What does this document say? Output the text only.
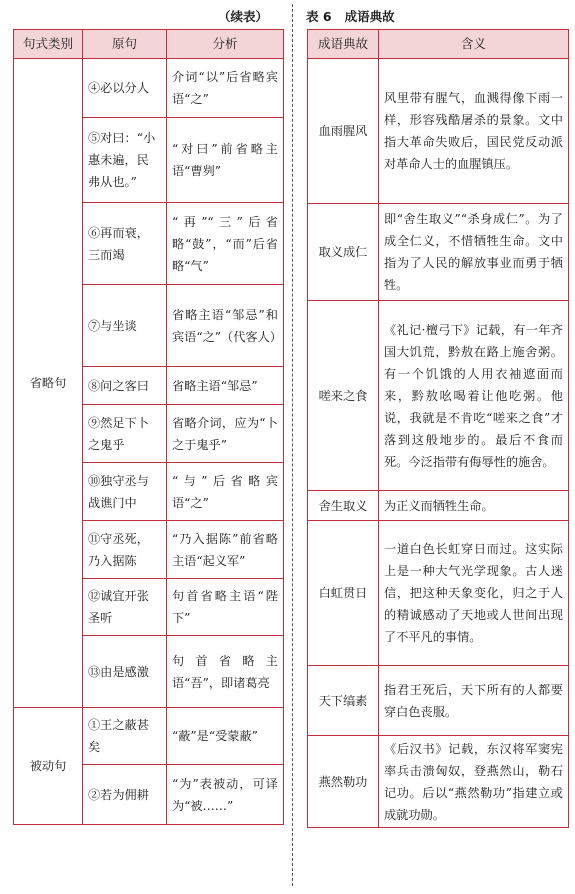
（续表）	表 6 成语典故
句式类别	原句	分析
省略句	④必以分人	介词“以”后省略宾语“之”
	⑤对曰：“小惠未遍，民弗从也。”	“对曰”前省略主语“曹刿”
	⑥再而衰，三而竭	“再”“三”后省略“鼓”，“而”后省略“气”
	⑦与坐谈	省略主语“邹忌”和宾语“之”（代客人）
	⑧问之客曰	省略主语“邹忌”
	⑨然足下卜之鬼乎	省略介词，应为“卜之于鬼乎”
	⑩独守丞与战谯门中	“与”后省略宾语“之”
	⑪守丞死，乃入据陈	“乃入据陈”前省略主语“起义军”
	⑫诚宜开张圣听	句首省略主语“陛下”
	⑬由是感激	句首省略主语“吾”，即诸葛亮
被动句	①王之蔽甚矣	“蔽”是“受蒙蔽”
	②若为佣耕	“为”表被动，可译为“被……”
成语典故	含义
血雨腥风	风里带有腥气，血溅得像下雨一样，形容残酷屠杀的景象。文中指大革命失败后，国民党反动派对革命人士的血腥镇压。
取义成仁	即“舍生取义”“杀身成仁”。为了成全仁义，不惜牺牲生命。文中指为了人民的解放事业而勇于牺牲。
嗟来之食	《礼记·檀弓下》记载，有一年齐国大饥荒，黔敖在路上施舍粥。有一个饥饿的人用衣袖遮面而来，黔敖吆喝着让他吃粥。他说，我就是不肯吃“嗟来之食”才落到这般地步的。最后不食而死。今泛指带有侮辱性的施舍。
舍生取义	为正义而牺牲生命。
白虹贯日	一道白色长虹穿日而过。这实际上是一种大气光学现象。古人迷信，把这种天象变化，归之于人的精诚感动了天地或人世间出现了不平凡的事情。
天下缟素	指君王死后，天下所有的人都要穿白色丧服。
燕然勒功	《后汉书》记载，东汉将军窦宪率兵击溃匈奴，登燕然山，勒石记功。后以“燕然勒功”指建立或成就功勋。
